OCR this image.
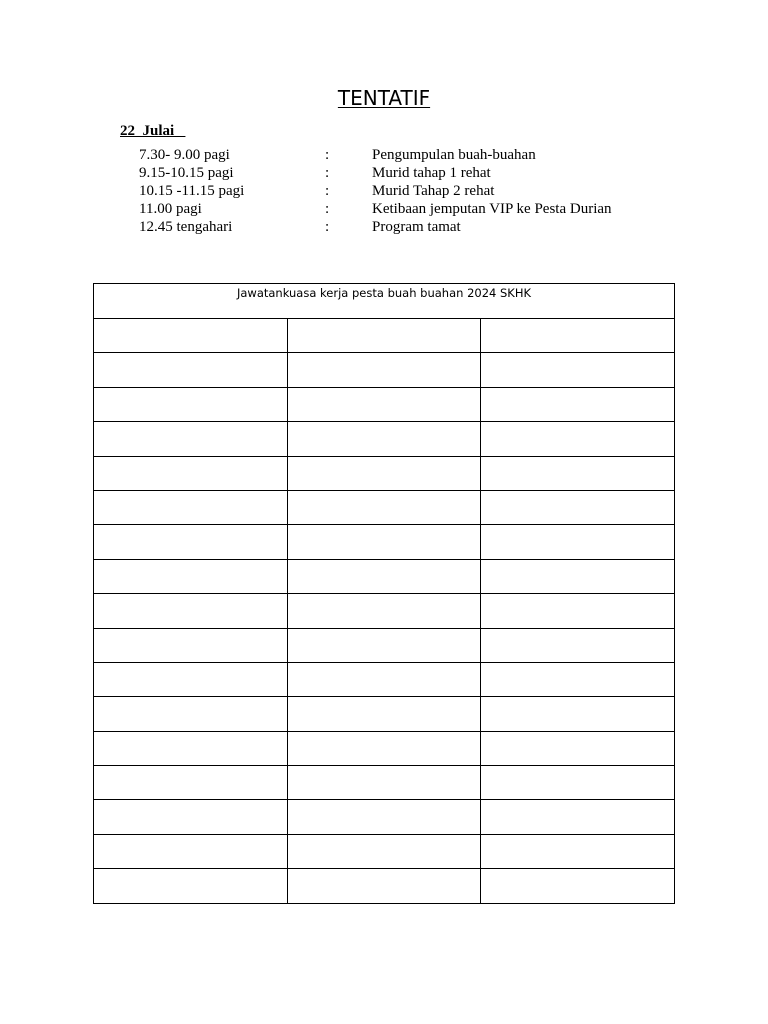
TENTATIF
22  Julai
7.30- 9.00 pagi	:	Pengumpulan buah-buahan
9.15-10.15 pagi	:	Murid tahap 1 rehat
10.15 -11.15 pagi	:	Murid Tahap 2 rehat
11.00 pagi	:	Ketibaan jemputan VIP ke Pesta Durian
12.45 tengahari	:	Program tamat
Jawatankuasa kerja pesta buah buahan 2024 SKHK		
